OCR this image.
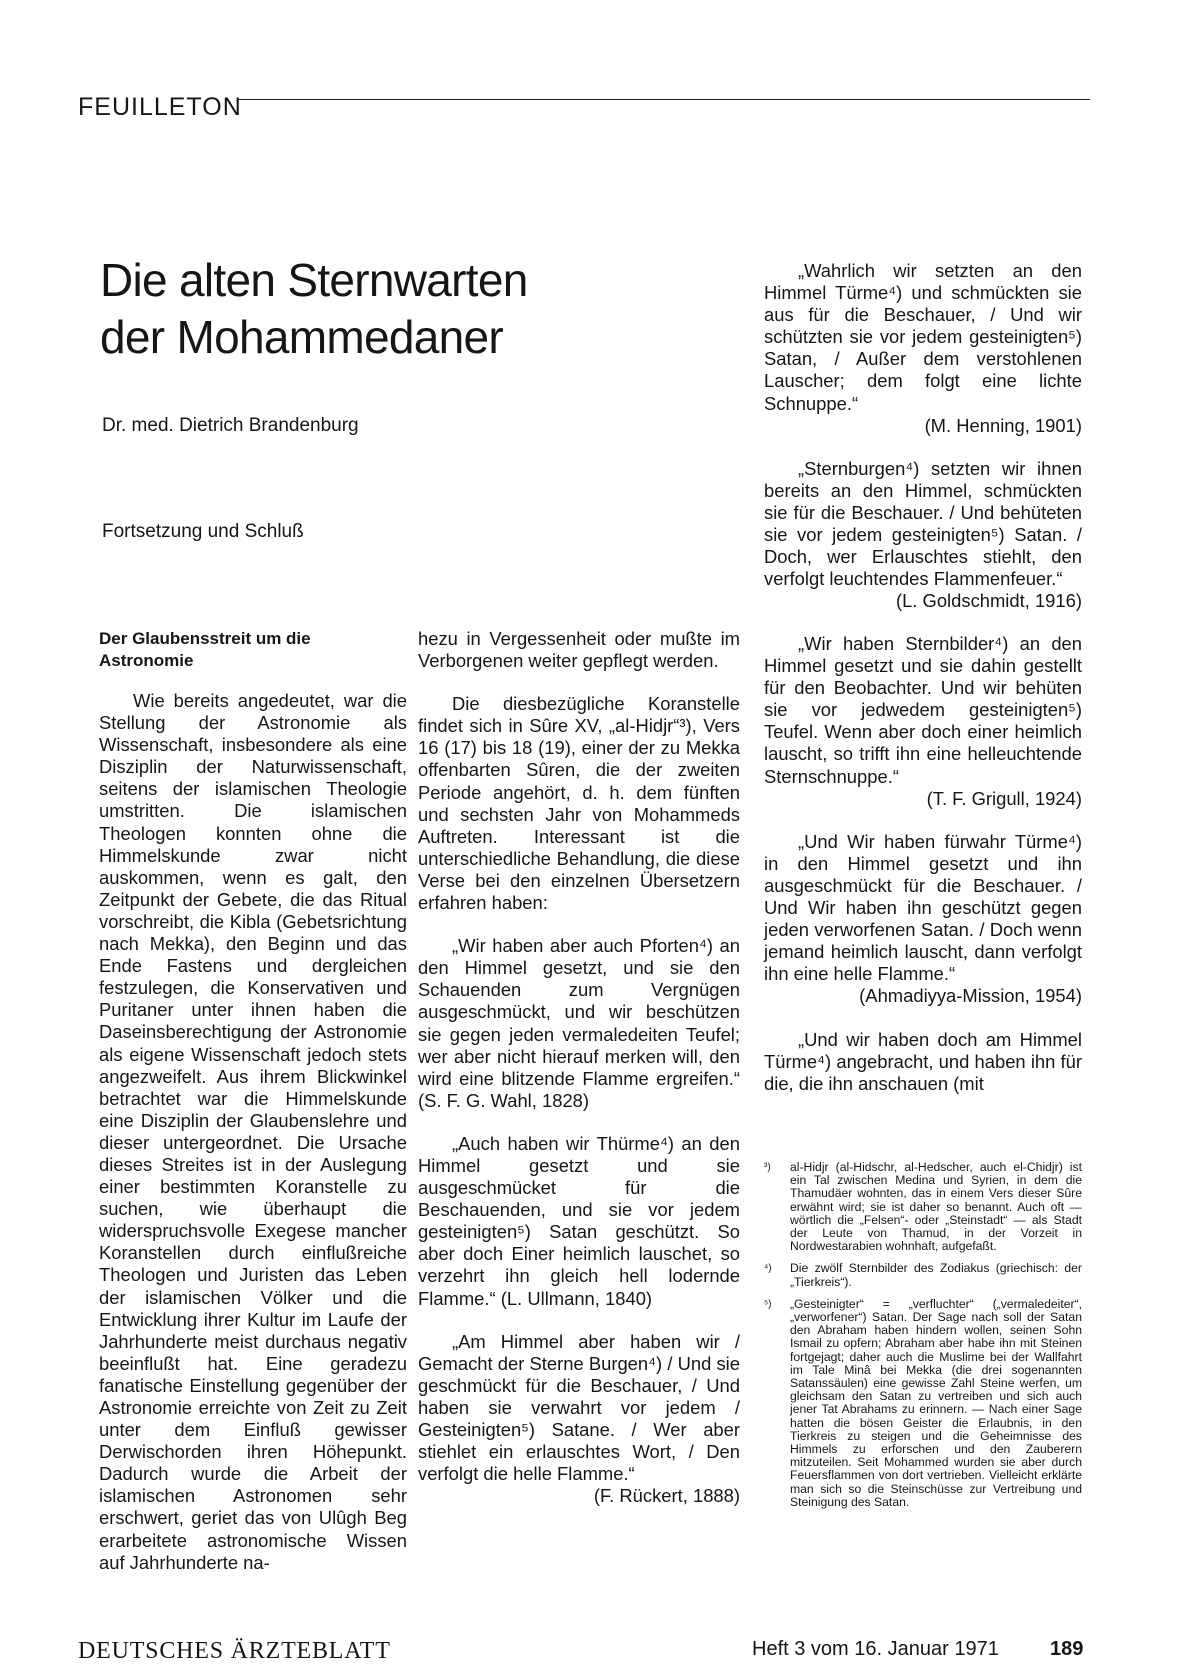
FEUILLETON
Die alten Sternwarten
der Mohammedaner
Dr. med. Dietrich Brandenburg
Fortsetzung und Schluß

Der Glaubensstreit um die Astronomie

Wie bereits angedeutet, war die Stellung der Astronomie als Wissenschaft, insbesondere als eine Disziplin der Naturwissenschaft, seitens der islamischen Theologie umstritten. Die islamischen Theologen konnten ohne die Himmelskunde zwar nicht auskommen, wenn es galt, den Zeitpunkt der Gebete, die das Ritual vorschreibt, die Kibla (Gebetsrichtung nach Mekka), den Beginn und das Ende Fastens und dergleichen festzulegen, die Konservativen und Puritaner unter ihnen haben die Daseinsberechtigung der Astronomie als eigene Wissenschaft jedoch stets angezweifelt. Aus ihrem Blickwinkel betrachtet war die Himmelskunde eine Disziplin der Glaubenslehre und dieser untergeordnet. Die Ursache dieses Streites ist in der Auslegung einer bestimmten Koranstelle zu suchen, wie überhaupt die widerspruchsvolle Exegese mancher Koranstellen durch einflußreiche Theologen und Juristen das Leben der islamischen Völker und die Entwicklung ihrer Kultur im Laufe der Jahrhunderte meist durchaus negativ beeinflußt hat. Eine geradezu fanatische Einstellung gegenüber der Astronomie erreichte von Zeit zu Zeit unter dem Einfluß gewisser Derwischorden ihren Höhepunkt. Dadurch wurde die Arbeit der islamischen Astronomen sehr erschwert, geriet das von Ulûgh Beg erarbeitete astronomische Wissen auf Jahrhunderte na-

hezu in Vergessenheit oder mußte im Verborgenen weiter gepflegt werden.

Die diesbezügliche Koranstelle findet sich in Sûre XV, „al-Hidjr“³), Vers 16 (17) bis 18 (19), einer der zu Mekka offenbarten Sûren, die der zweiten Periode angehört, d. h. dem fünften und sechsten Jahr von Mohammeds Auftreten. Interessant ist die unterschiedliche Behandlung, die diese Verse bei den einzelnen Übersetzern erfahren haben:

„Wir haben aber auch Pforten⁴) an den Himmel gesetzt, und sie den Schauenden zum Vergnügen ausgeschmückt, und wir beschützen sie gegen jeden vermaledeiten Teufel; wer aber nicht hierauf merken will, den wird eine blitzende Flamme ergreifen.“ (S. F. G. Wahl, 1828)

„Auch haben wir Thürme⁴) an den Himmel gesetzt und sie ausgeschmücket für die Beschauenden, und sie vor jedem gesteinigten⁵) Satan geschützt. So aber doch Einer heimlich lauschet, so verzehrt ihn gleich hell lodernde Flamme.“ (L. Ullmann, 1840)

„Am Himmel aber haben wir / Gemacht der Sterne Burgen⁴) / Und sie geschmückt für die Beschauer, / Und haben sie verwahrt vor jedem / Gesteinigten⁵) Satane. / Wer aber stiehlet ein erlauschtes Wort, / Den verfolgt die helle Flamme.“

(F. Rückert, 1888)

„Wahrlich wir setzten an den Himmel Türme⁴) und schmückten sie aus für die Beschauer, / Und wir schützten sie vor jedem gesteinigten⁵) Satan, / Außer dem verstohlenen Lauscher; dem folgt eine lichte Schnuppe.“

(M. Henning, 1901)

„Sternburgen⁴) setzten wir ihnen bereits an den Himmel, schmückten sie für die Beschauer. / Und behüteten sie vor jedem gesteinigten⁵) Satan. / Doch, wer Erlauschtes stiehlt, den verfolgt leuchtendes Flammenfeuer.“

(L. Goldschmidt, 1916)

„Wir haben Sternbilder⁴) an den Himmel gesetzt und sie dahin gestellt für den Beobachter. Und wir behüten sie vor jedwedem gesteinigten⁵) Teufel. Wenn aber doch einer heimlich lauscht, so trifft ihn eine helleuchtende Sternschnuppe.“

(T. F. Grigull, 1924)

„Und Wir haben fürwahr Türme⁴) in den Himmel gesetzt und ihn ausgeschmückt für die Beschauer. / Und Wir haben ihn geschützt gegen jeden verworfenen Satan. / Doch wenn jemand heimlich lauscht, dann verfolgt ihn eine helle Flamme.“

(Ahmadiyya-Mission, 1954)

„Und wir haben doch am Himmel Türme⁴) angebracht, und haben ihn für die, die ihn anschauen (mit

³)	al-Hidjr (al-Hidschr, al-Hedscher, auch el-Chidjr) ist ein Tal zwischen Medina und Syrien, in dem die Thamudäer wohnten, das in einem Vers dieser Sûre erwähnt wird; sie ist daher so benannt. Auch oft — wörtlich die „Felsen“- oder „Steinstadt“ — als Stadt der Leute von Thamud, in der Vorzeit in Nordwestarabien wohnhaft, aufgefaßt.
⁴)	Die zwölf Sternbilder des Zodiakus (griechisch: der „Tierkreis“).
⁵)	„Gesteinigter“ = „verfluchter“ („vermaledeiter“, „verworfener“) Satan. Der Sage nach soll der Satan den Abraham haben hindern wollen, seinen Sohn Ismail zu opfern; Abraham aber habe ihn mit Steinen fortgejagt; daher auch die Muslime bei der Wallfahrt im Tale Minâ bei Mekka (die drei sogenannten Satanssäulen) eine gewisse Zahl Steine werfen, um gleichsam den Satan zu vertreiben und sich auch jener Tat Abrahams zu erinnern. — Nach einer Sage hatten die bösen Geister die Erlaubnis, in den Tierkreis zu steigen und die Geheimnisse des Himmels zu erforschen und den Zauberern mitzuteilen. Seit Mohammed wurden sie aber durch Feuersflammen von dort vertrieben. Vielleicht erklärte man sich so die Steinschüsse zur Vertreibung und Steinigung des Satan.
DEUTSCHES ÄRZTEBLATT	Heft 3 vom 16. Januar 1971	189
